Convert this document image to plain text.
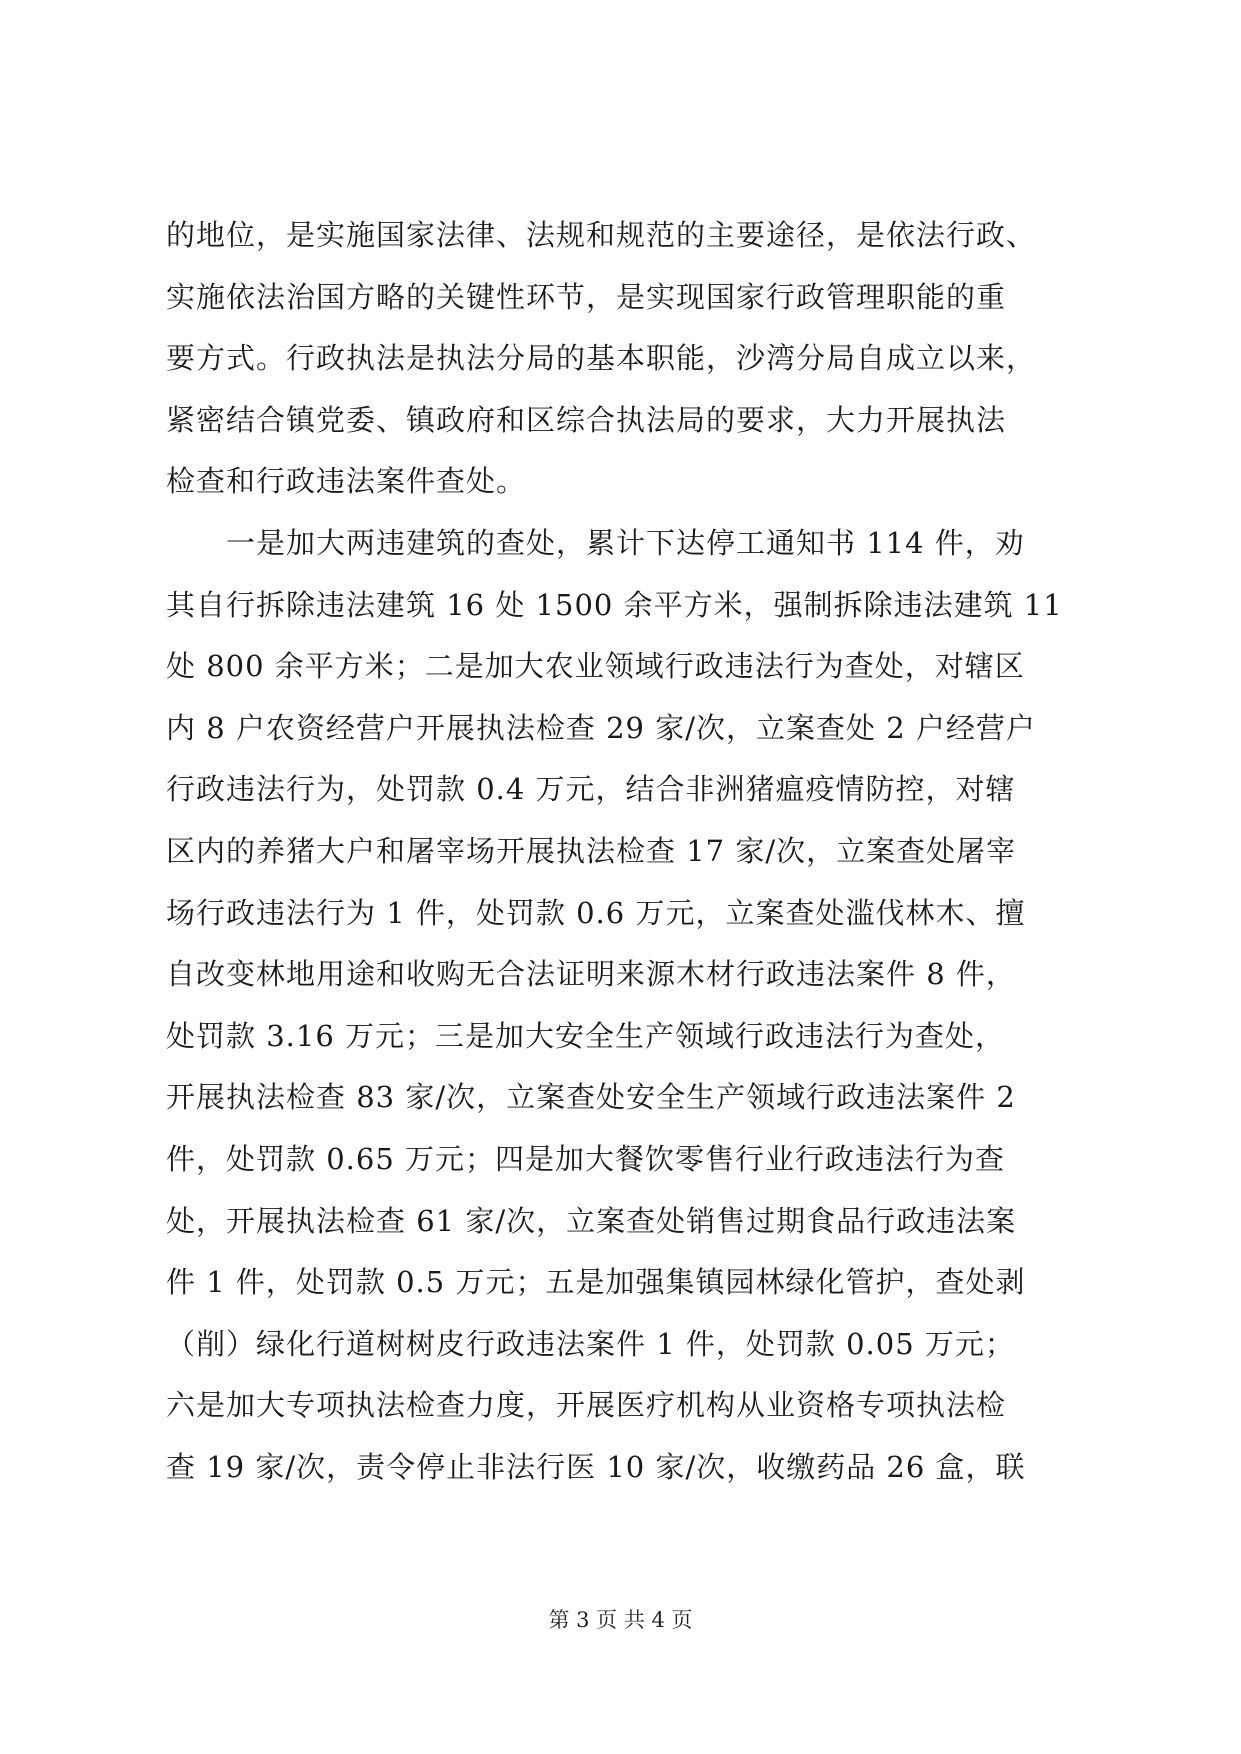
的地位，是实施国家法律、法规和规范的主要途径，是依法行政、
实施依法治国方略的关键性环节，是实现国家行政管理职能的重
要方式。行政执法是执法分局的基本职能，沙湾分局自成立以来，
紧密结合镇党委、镇政府和区综合执法局的要求，大力开展执法
检查和行政违法案件查处。
　　一是加大两违建筑的查处，累计下达停工通知书 114 件，劝
其自行拆除违法建筑 16 处 1500 余平方米，强制拆除违法建筑 11
处 800 余平方米；二是加大农业领域行政违法行为查处，对辖区
内 8 户农资经营户开展执法检查 29 家/次，立案查处 2 户经营户
行政违法行为，处罚款 0.4 万元，结合非洲猪瘟疫情防控，对辖
区内的养猪大户和屠宰场开展执法检查 17 家/次，立案查处屠宰
场行政违法行为 1 件，处罚款 0.6 万元，立案查处滥伐林木、擅
自改变林地用途和收购无合法证明来源木材行政违法案件 8 件，
处罚款 3.16 万元；三是加大安全生产领域行政违法行为查处，
开展执法检查 83 家/次，立案查处安全生产领域行政违法案件 2
件，处罚款 0.65 万元；四是加大餐饮零售行业行政违法行为查
处，开展执法检查 61 家/次，立案查处销售过期食品行政违法案
件 1 件，处罚款 0.5 万元；五是加强集镇园林绿化管护，查处剥
（削）绿化行道树树皮行政违法案件 1 件，处罚款 0.05 万元；
六是加大专项执法检查力度，开展医疗机构从业资格专项执法检
查 19 家/次，责令停止非法行医 10 家/次，收缴药品 26 盒，联
第 3 页 共 4 页
